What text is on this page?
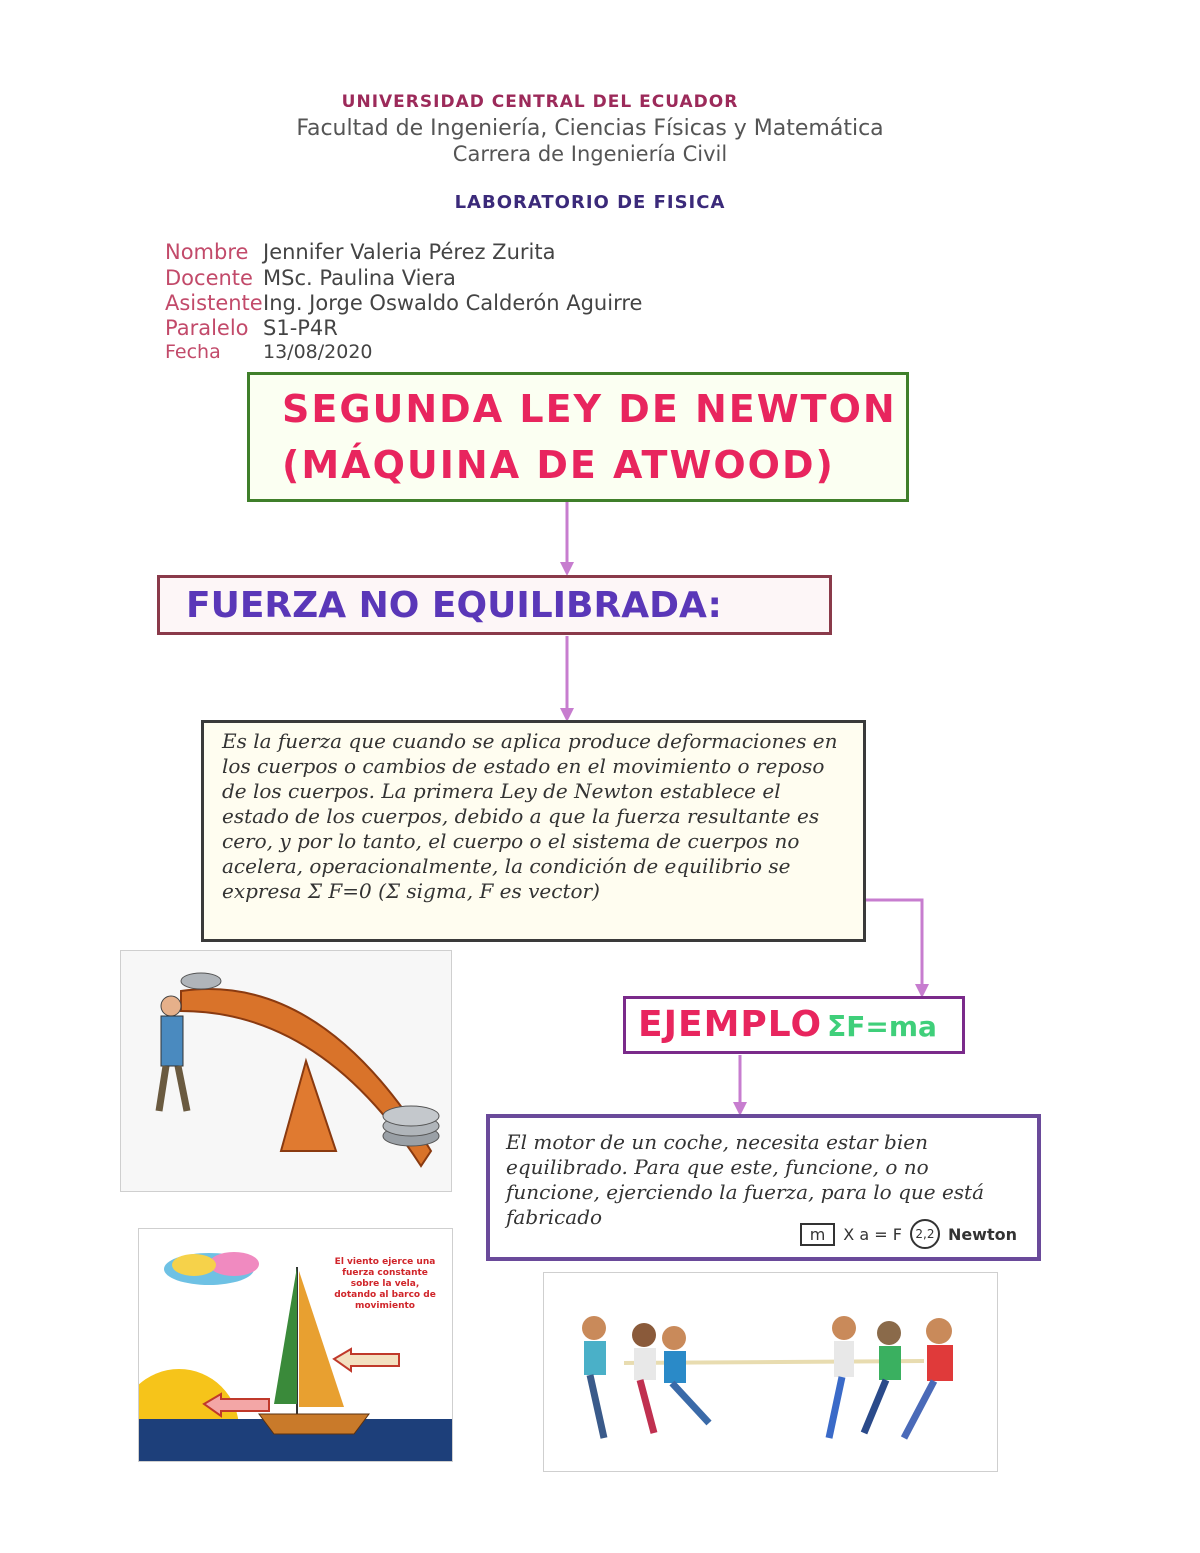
UNIVERSIDAD CENTRAL DEL ECUADOR
Facultad de Ingeniería, Ciencias Físicas y Matemática
Carrera de Ingeniería Civil
LABORATORIO DE FISICA
Nombre Jennifer Valeria Pérez Zurita
Docente MSc. Paulina Viera
AsistenteIng. Jorge Oswaldo Calderón Aguirre
Paralelo S1-P4R
Fecha 13/08/2020
SEGUNDA LEY DE NEWTON
(MÁQUINA DE ATWOOD)
FUERZA NO EQUILIBRADA:

Es la fuerza que cuando se aplica produce deformaciones en los cuerpos o cambios de estado en el movimiento o reposo de los cuerpos. La primera Ley de Newton establece el estado de los cuerpos, debido a que la fuerza resultante es cero, y por lo tanto, el cuerpo o el sistema de cuerpos no acelera, operacionalmente, la condición de equilibrio se expresa Σ F=0 (Σ sigma, F es vector)

El viento ejerce una fuerza constante sobre la vela, dotando al barco de movimiento
EJEMPLO ΣF=ma

El motor de un coche, necesita estar bien equilibrado. Para que este, funcione, o no funcione, ejerciendo la fuerza, para lo que está fabricado

m	X a = F	2,2 Newton
